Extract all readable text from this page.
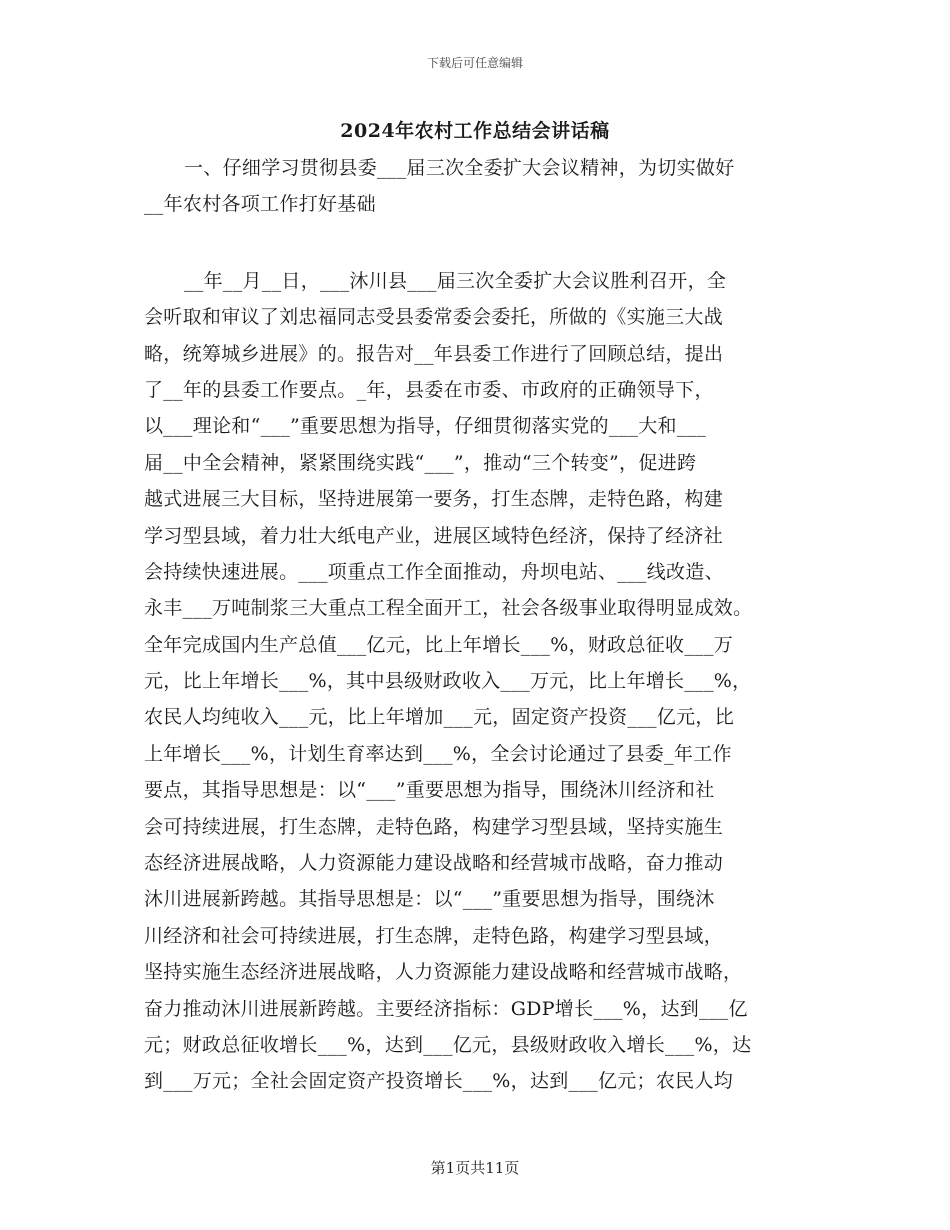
下载后可任意编辑
2024年农村工作总结会讲话稿
一、仔细学习贯彻县委___届三次全委扩大会议精神，为切实做好
__年农村各项工作打好基础
__年__月__日，___沐川县___届三次全委扩大会议胜利召开，全
会听取和审议了刘忠福同志受县委常委会委托，所做的《实施三大战
略，统筹城乡进展》的。报告对__年县委工作进行了回顾总结，提出
了__年的县委工作要点。_年，县委在市委、市政府的正确领导下，
以___理论和“___”重要思想为指导，仔细贯彻落实党的___大和___
届__中全会精神，紧紧围绕实践“___”，推动“三个转变”，促进跨
越式进展三大目标，坚持进展第一要务，打生态牌，走特色路，构建
学习型县域，着力壮大纸电产业，进展区域特色经济，保持了经济社
会持续快速进展。___项重点工作全面推动，舟坝电站、___线改造、
永丰___万吨制浆三大重点工程全面开工，社会各级事业取得明显成效。
全年完成国内生产总值___亿元，比上年增长___%，财政总征收___万
元，比上年增长___%，其中县级财政收入___万元，比上年增长___%，
农民人均纯收入___元，比上年增加___元，固定资产投资___亿元，比
上年增长___%，计划生育率达到___%，全会讨论通过了县委_年工作
要点，其指导思想是：以“___”重要思想为指导，围绕沐川经济和社
会可持续进展，打生态牌，走特色路，构建学习型县域，坚持实施生
态经济进展战略，人力资源能力建设战略和经营城市战略，奋力推动
沐川进展新跨越。其指导思想是：以“___”重要思想为指导，围绕沐
川经济和社会可持续进展，打生态牌，走特色路，构建学习型县域，
坚持实施生态经济进展战略，人力资源能力建设战略和经营城市战略，
奋力推动沐川进展新跨越。主要经济指标：GDP增长___%，达到___亿
元；财政总征收增长___%，达到___亿元，县级财政收入增长___%，达
到___万元；全社会固定资产投资增长___%，达到___亿元；农民人均
第1页共11页
